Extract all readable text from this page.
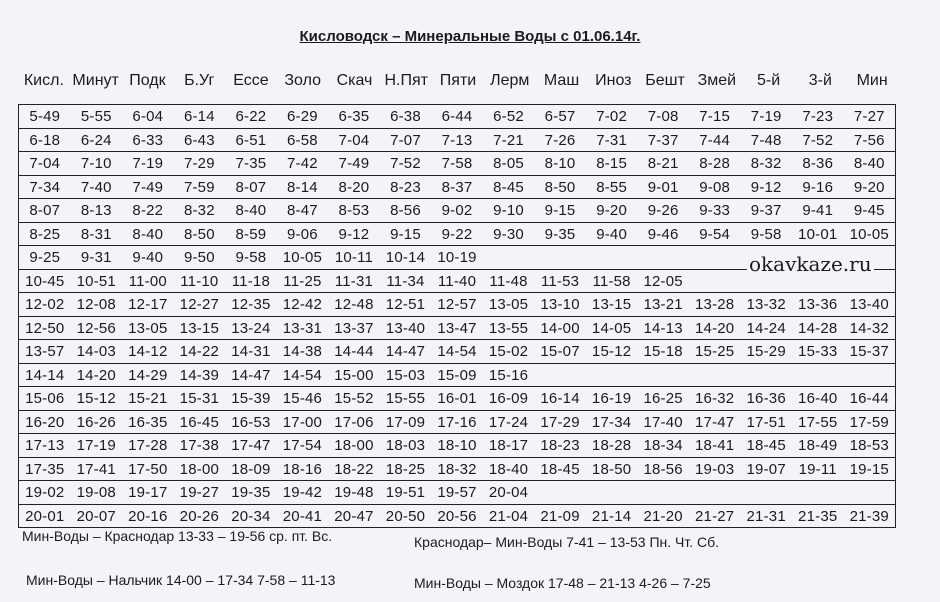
Кисловодск – Минеральные Воды с 01.06.14г.
Кисл. Минут Подк	Б.Уг	Ессе Золо Скач Н.Пят Пяти Лерм Маш Иноз Бешт Змей	5-й	3-й	Мин
5-49	5-55	6-04	6-14	6-22	6-29	6-35	6-38	6-44	6-52	6-57	7-02	7-08	7-15	7-19	7-23	7-27
6-18	6-24	6-33	6-43	6-51	6-58	7-04	7-07	7-13	7-21	7-26	7-31	7-37	7-44	7-48	7-52	7-56
7-04	7-10	7-19	7-29	7-35	7-42	7-49	7-52	7-58	8-05	8-10	8-15	8-21	8-28	8-32	8-36	8-40
7-34	7-40	7-49	7-59	8-07	8-14	8-20	8-23	8-37	8-45	8-50	8-55	9-01	9-08	9-12	9-16	9-20
8-07	8-13	8-22	8-32	8-40	8-47	8-53	8-56	9-02	9-10	9-15	9-20	9-26	9-33	9-37	9-41	9-45
8-25	8-31	8-40	8-50	8-59	9-06	9-12	9-15	9-22	9-30	9-35	9-40	9-46	9-54	9-58	10-01 10-05
9-25	9-31	9-40	9-50	9-58	10-05 10-11 10-14 10-19
10-45 10-51 11-00 11-10 11-18 11-25 11-31 11-34 11-40 11-48 11-53 11-58 12-05
12-02 12-08 12-17 12-27 12-35 12-42 12-48 12-51 12-57 13-05 13-10 13-15 13-21 13-28 13-32 13-36 13-40
12-50 12-56 13-05 13-15 13-24 13-31 13-37 13-40 13-47 13-55 14-00 14-05 14-13 14-20 14-24 14-28 14-32
13-57 14-03 14-12 14-22 14-31 14-38 14-44 14-47 14-54 15-02 15-07 15-12 15-18 15-25 15-29 15-33 15-37
14-14 14-20 14-29 14-39 14-47 14-54 15-00 15-03 15-09 15-16
15-06 15-12 15-21 15-31 15-39 15-46 15-52 15-55 16-01 16-09 16-14 16-19 16-25 16-32 16-36 16-40 16-44
16-20 16-26 16-35 16-45 16-53 17-00 17-06 17-09 17-16 17-24 17-29 17-34 17-40 17-47 17-51 17-55 17-59
17-13 17-19 17-28 17-38 17-47 17-54 18-00 18-03 18-10 18-17 18-23 18-28 18-34 18-41 18-45 18-49 18-53
17-35 17-41 17-50 18-00 18-09 18-16 18-22 18-25 18-32 18-40 18-45 18-50 18-56 19-03 19-07 19-11 19-15
19-02 19-08 19-17 19-27 19-35 19-42 19-48 19-51 19-57 20-04
20-01 20-07 20-16 20-26 20-34 20-41 20-47 20-50 20-56 21-04 21-09 21-14 21-20 21-27 21-31 21-35 21-39
okavkaze.ru
Мин-Воды – Краснодар 13-33 – 19-56 ср. пт. Вс.	Краснодар– Мин-Воды 7-41 – 13-53 Пн. Чт. Сб.
Мин-Воды – Нальчик 14-00 – 17-34 7-58 – 11-13	Мин-Воды – Моздок 17-48 – 21-13 4-26 – 7-25
